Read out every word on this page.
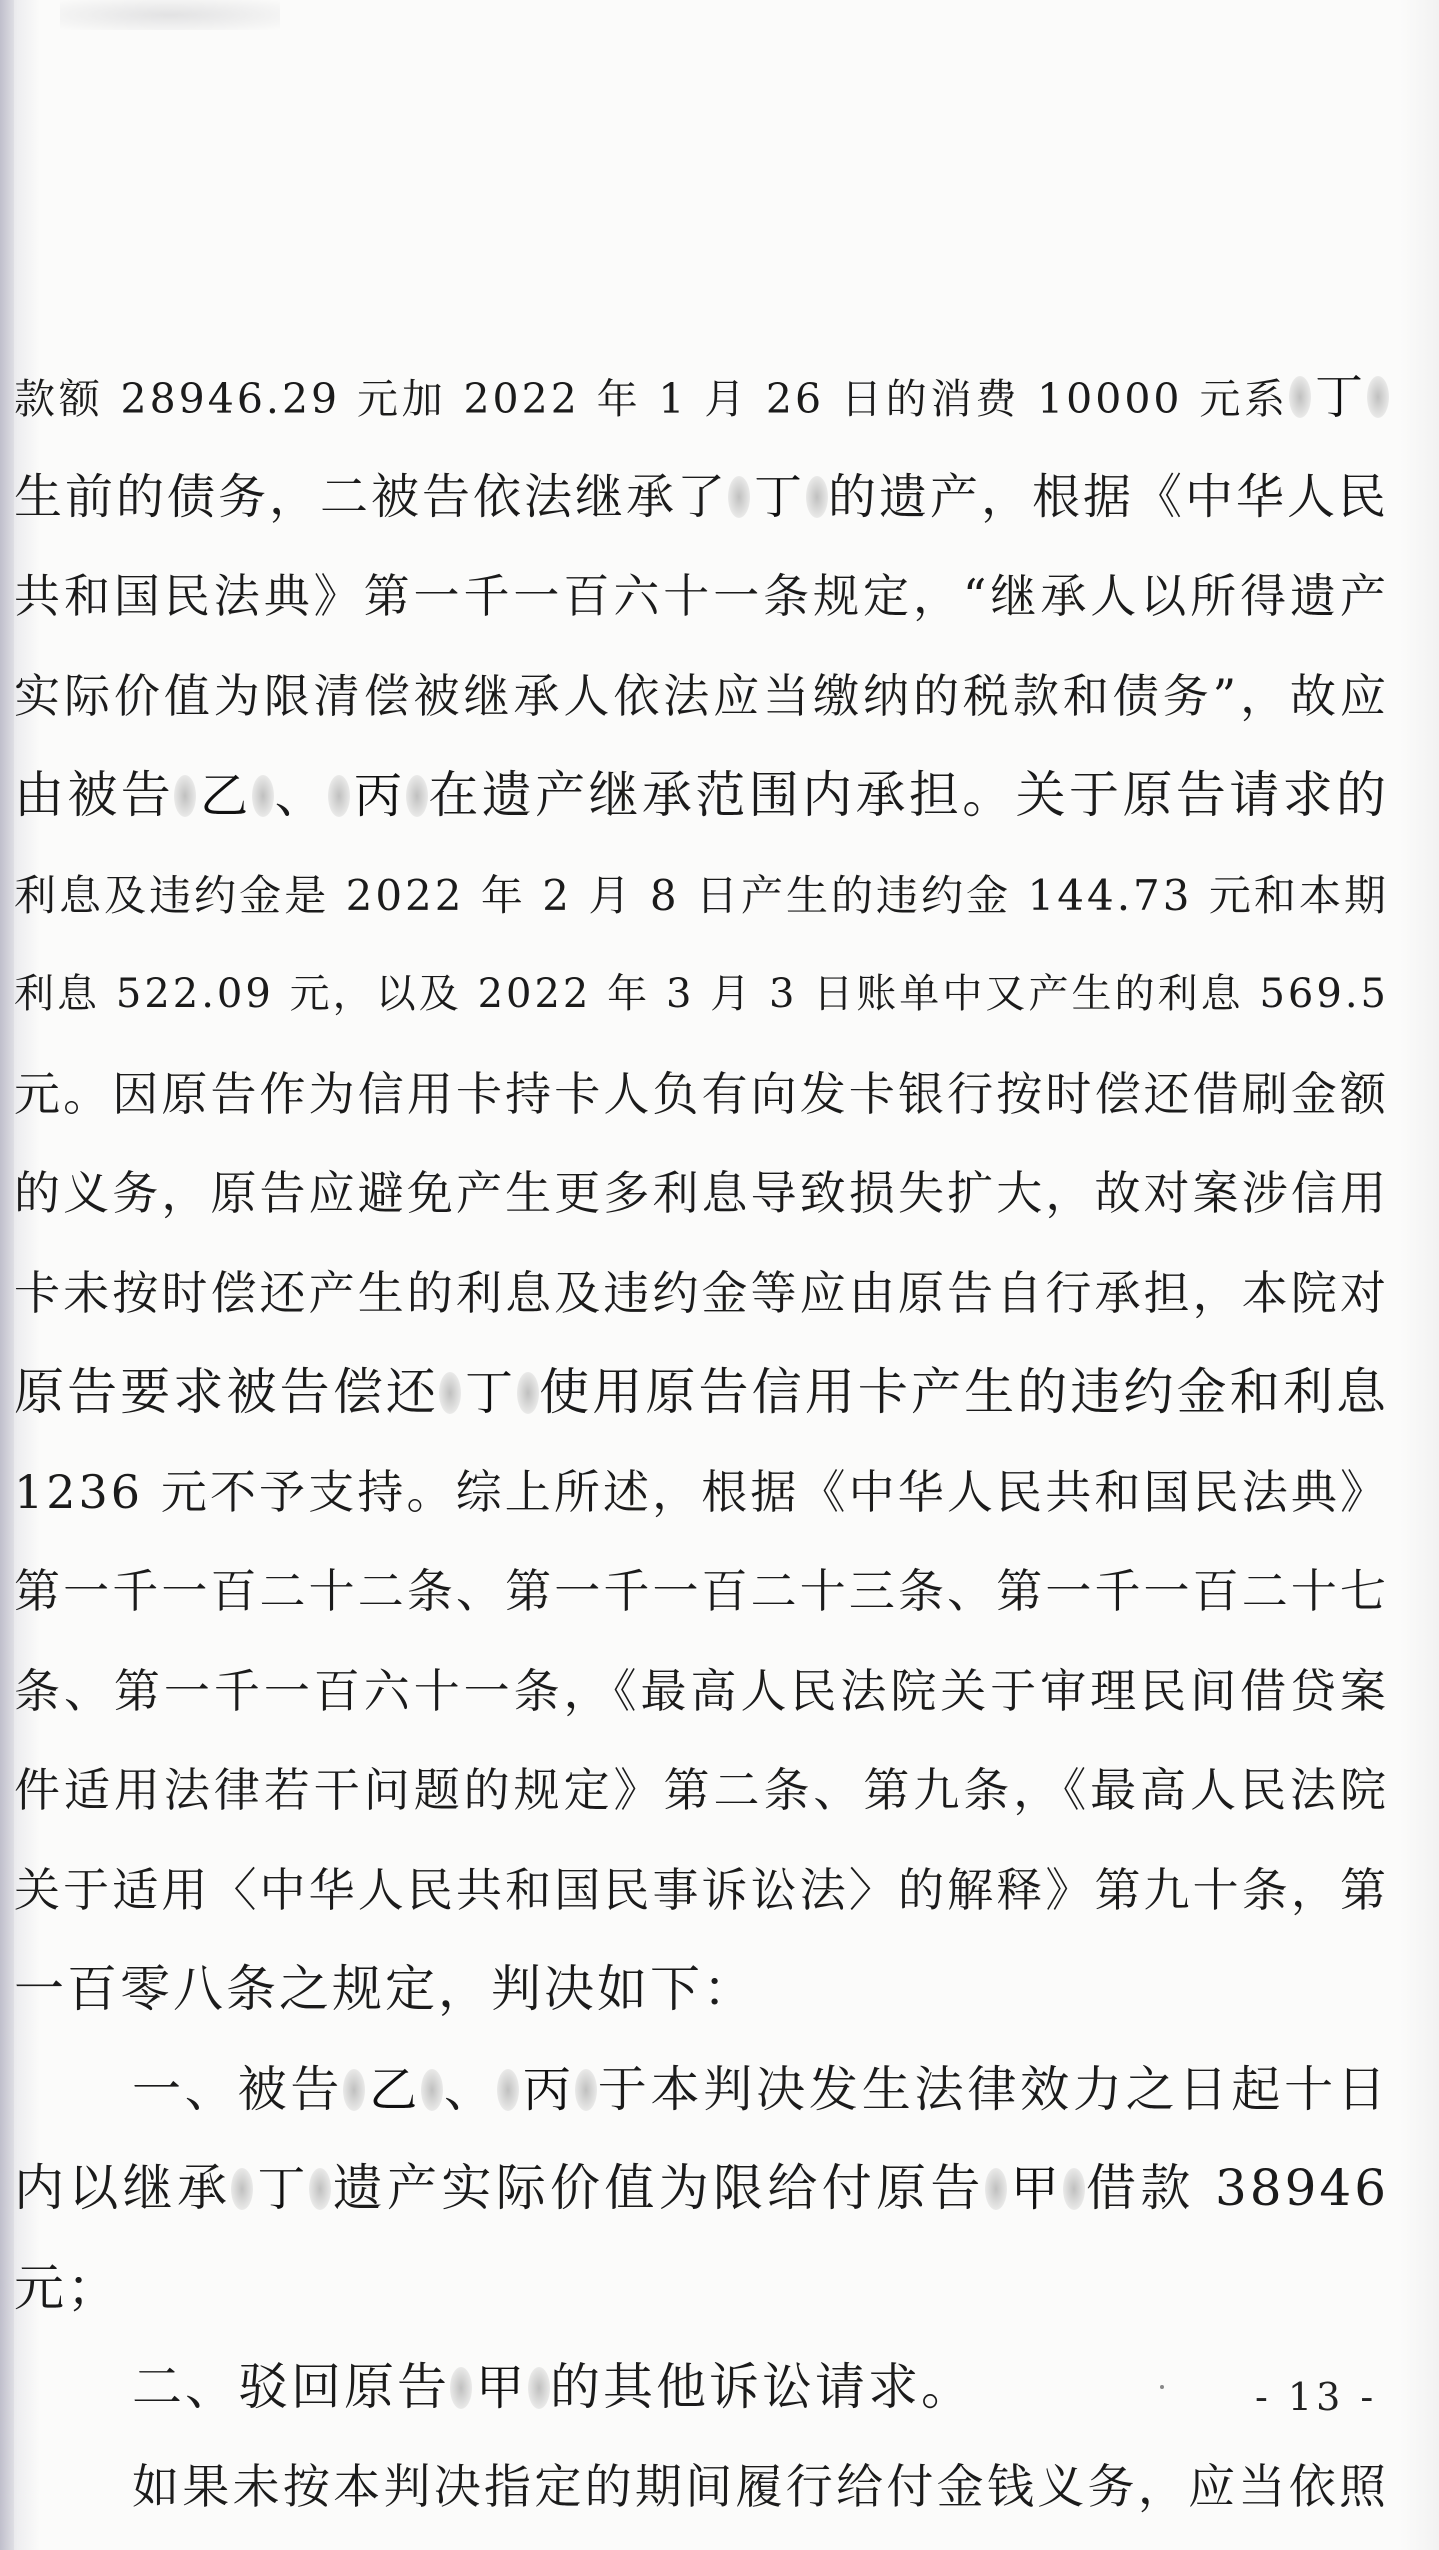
款额 28946.29 元加 2022 年 1 月 26 日的消费 10000 元系 丁
生前的债务，二被告依法继承了 丁 的遗产，根据《中华人民
共和国民法典》第一千一百六十一条规定，“继承人以所得遗产
实际价值为限清偿被继承人依法应当缴纳的税款和债务”，故应
由被告 乙 、 丙 在遗产继承范围内承担。关于原告请求的
利息及违约金是 2022 年 2 月 8 日产生的违约金 144.73 元和本期
利息 522.09 元，以及 2022 年 3 月 3 日账单中又产生的利息 569.5
元。因原告作为信用卡持卡人负有向发卡银行按时偿还借刷金额
的义务，原告应避免产生更多利息导致损失扩大，故对案涉信用
卡未按时偿还产生的利息及违约金等应由原告自行承担，本院对
原告要求被告偿还 丁 使用原告信用卡产生的违约金和利息
1236 元不予支持。综上所述，根据《中华人民共和国民法典》
第一千一百二十二条、第一千一百二十三条、第一千一百二十七
条、第一千一百六十一条，《最高人民法院关于审理民间借贷案
件适用法律若干问题的规定》第二条、第九条，《最高人民法院
关于适用〈中华人民共和国民事诉讼法〉的解释》第九十条，第
一百零八条之规定，判决如下：
一、被告 乙 、 丙 于本判决发生法律效力之日起十日
内以继承 丁 遗产实际价值为限给付原告 甲 借款 38946
元；
二、驳回原告 甲 的其他诉讼请求。
如果未按本判决指定的期间履行给付金钱义务，应当依照
- 13 -
